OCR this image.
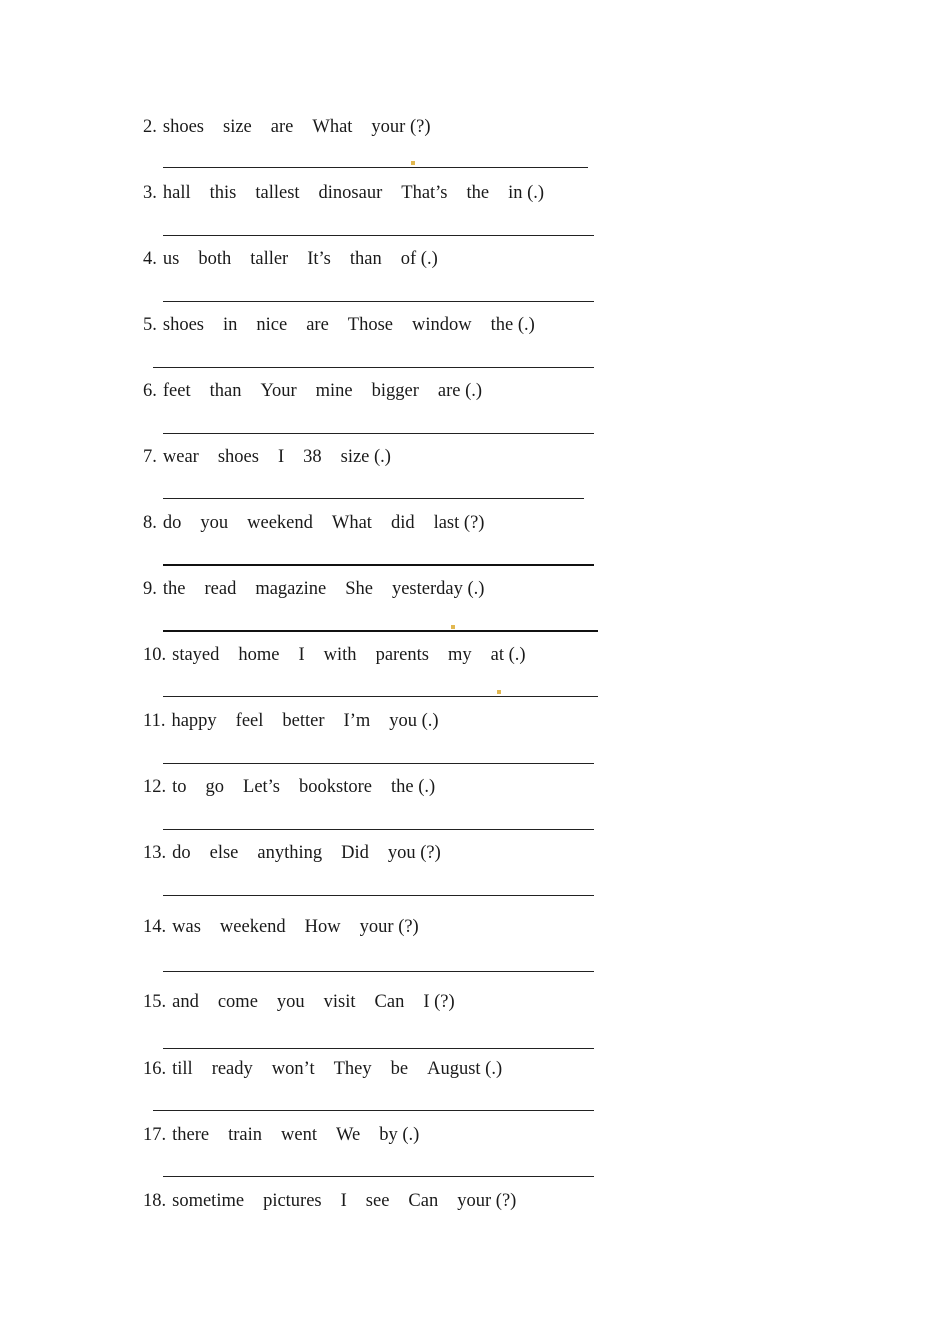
2. shoes size are What your (?)
3. hall this tallest dinosaur That’s the in (.)
4. us both taller It’s than of (.)
5. shoes in nice are Those window the (.)
6. feet than Your mine bigger are (.)
7. wear shoes I 38 size (.)
8. do you weekend What did last (?)
9. the read magazine She yesterday (.)
10. stayed home I with parents my at (.)
11. happy feel better I’m you (.)
12. to go Let’s bookstore the (.)
13. do else anything Did you (?)
14. was weekend How your (?)
15. and come you visit Can I (?)
16. till ready won’t They be August (.)
17. there train went We by (.)
18. sometime pictures I see Can your (?)
